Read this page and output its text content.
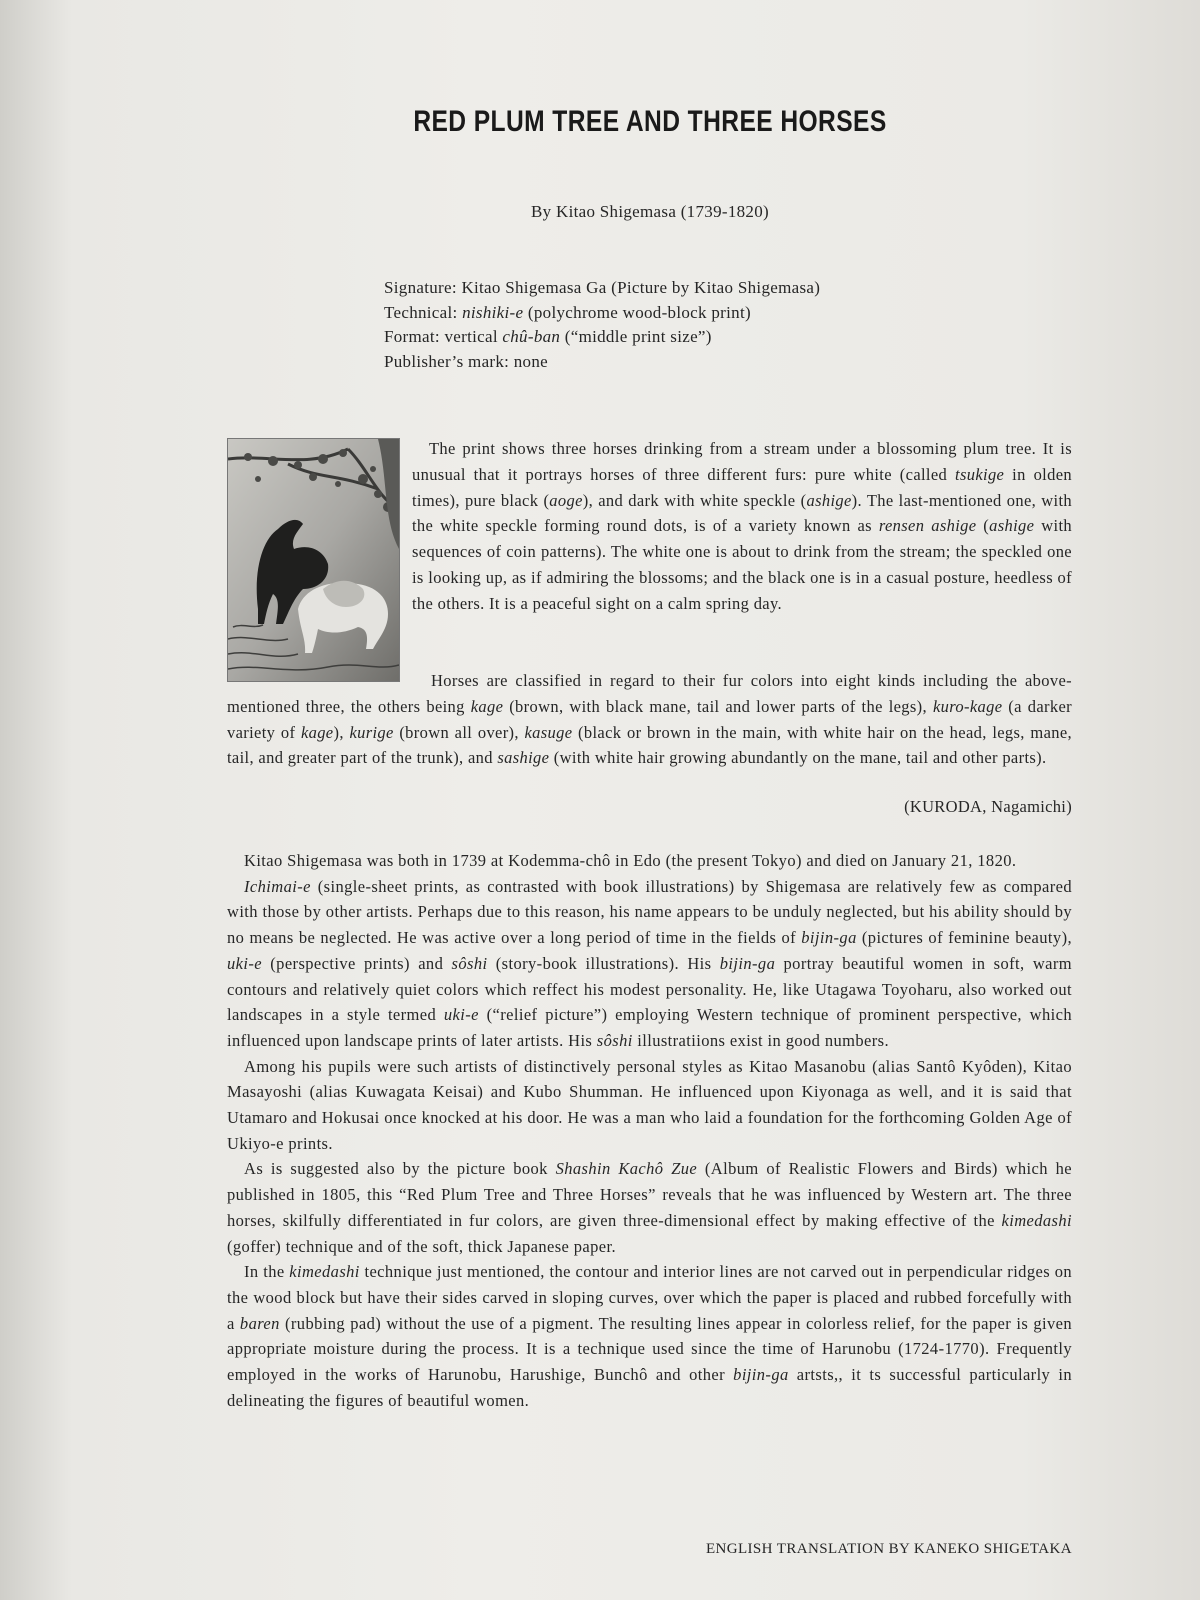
RED PLUM TREE AND THREE HORSES
By Kitao Shigemasa (1739-1820)
Signature: Kitao Shigemasa Ga (Picture by Kitao Shigemasa)
Technical: nishiki-e (polychrome wood-block print)
Format: vertical chû-ban (“middle print size”)
Publisher’s mark: none
The print shows three horses drinking from a stream under a blossoming plum tree. It is unusual that it portrays horses of three different furs: pure white (called tsukige in olden times), pure black (aoge), and dark with white speckle (ashige). The last-mentioned one, with the white speckle forming round dots, is of a variety known as rensen ashige (ashige with sequences of coin patterns). The white one is about to drink from the stream; the speckled one is looking up, as if admiring the blossoms; and the black one is in a casual posture, heedless of the others. It is a peaceful sight on a calm spring day.
Horses are classified in regard to their fur colors into eight kinds including the above-mentioned three, the others being kage (brown, with black mane, tail and lower parts of the legs), kuro-kage (a darker variety of kage), kurige (brown all over), kasuge (black or brown in the main, with white hair on the head, legs, mane, tail, and greater part of the trunk), and sashige (with white hair growing abundantly on the mane, tail and other parts).
(KURODA, Nagamichi)

Kitao Shigemasa was both in 1739 at Kodemma-chô in Edo (the present Tokyo) and died on January 21, 1820.

Ichimai-e (single-sheet prints, as contrasted with book illustrations) by Shigemasa are relatively few as compared with those by other artists. Perhaps due to this reason, his name appears to be unduly neglected, but his ability should by no means be neglected. He was active over a long period of time in the fields of bijin-ga (pictures of feminine beauty), uki-e (perspective prints) and sôshi (story-book illustrations). His bijin-ga portray beautiful women in soft, warm contours and relatively quiet colors which reffect his modest personality. He, like Utagawa Toyoharu, also worked out landscapes in a style termed uki-e (“relief picture”) employing Western technique of prominent perspective, which influenced upon landscape prints of later artists. His sôshi illustratiions exist in good numbers.

Among his pupils were such artists of distinctively personal styles as Kitao Masanobu (alias Santô Kyôden), Kitao Masayoshi (alias Kuwagata Keisai) and Kubo Shumman. He influenced upon Kiyonaga as well, and it is said that Utamaro and Hokusai once knocked at his door. He was a man who laid a foundation for the forthcoming Golden Age of Ukiyo-e prints.

As is suggested also by the picture book Shashin Kachô Zue (Album of Realistic Flowers and Birds) which he published in 1805, this “Red Plum Tree and Three Horses” reveals that he was influenced by Western art. The three horses, skilfully differentiated in fur colors, are given three-dimensional effect by making effective of the kimedashi (goffer) technique and of the soft, thick Japanese paper.

In the kimedashi technique just mentioned, the contour and interior lines are not carved out in perpendicular ridges on the wood block but have their sides carved in sloping curves, over which the paper is placed and rubbed forcefully with a baren (rubbing pad) without the use of a pigment. The resulting lines appear in colorless relief, for the paper is given appropriate moisture during the process. It is a technique used since the time of Harunobu (1724-1770). Frequently employed in the works of Harunobu, Harushige, Bunchô and other bijin-ga artsts,, it ts successful particularly in delineating the figures of beautiful women.

ENGLISH TRANSLATION BY KANEKO SHIGETAKA
